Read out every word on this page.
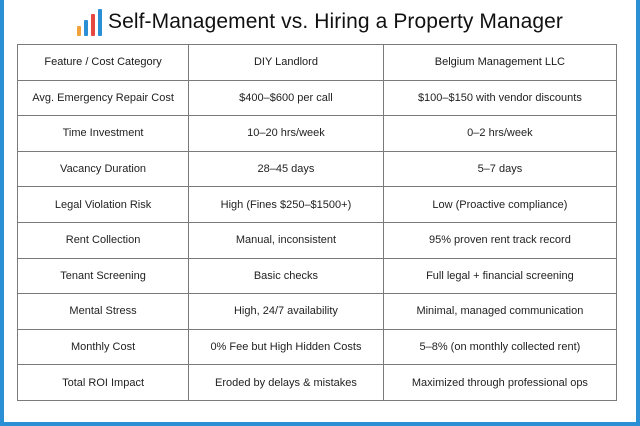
Self-Management vs. Hiring a Property Manager
Feature / Cost Category	DIY Landlord	Belgium Management LLC
Avg. Emergency Repair Cost	$400–$600 per call	$100–$150 with vendor discounts
Time Investment	10–20 hrs/week	0–2 hrs/week
Vacancy Duration	28–45 days	5–7 days
Legal Violation Risk	High (Fines $250–$1500+)	Low (Proactive compliance)
Rent Collection	Manual, inconsistent	95% proven rent track record
Tenant Screening	Basic checks	Full legal + financial screening
Mental Stress	High, 24/7 availability	Minimal, managed communication
Monthly Cost	0% Fee but High Hidden Costs	5–8% (on monthly collected rent)
Total ROI Impact	Eroded by delays & mistakes	Maximized through professional ops
